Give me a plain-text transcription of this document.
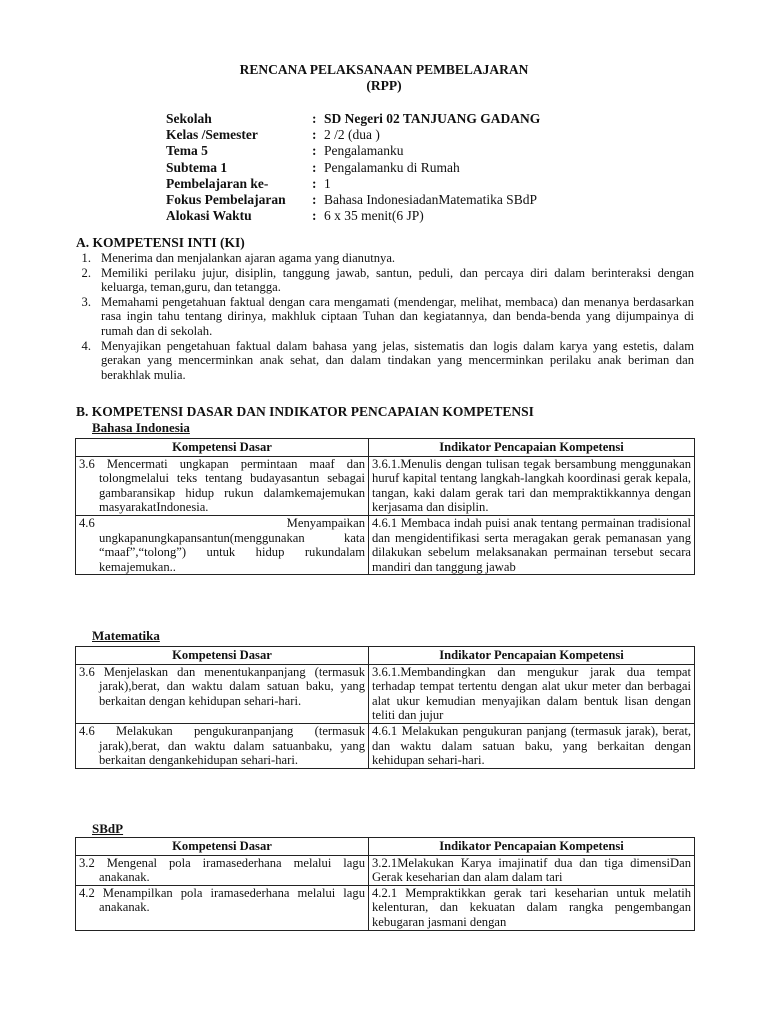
RENCANA PELAKSANAAN PEMBELAJARAN
(RPP)
Sekolah	:	SD Negeri 02 TANJUANG GADANG
Kelas /Semester	:	2 /2 (dua )
Tema 5	:	Pengalamanku
Subtema 1	:	Pengalamanku di Rumah
Pembelajaran ke-	:	1
Fokus Pembelajaran	:	Bahasa IndonesiadanMatematika SBdP
Alokasi Waktu	:	6 x 35 menit(6 JP)
A. KOMPETENSI INTI (KI)
1. Menerima dan menjalankan ajaran agama yang dianutnya.
2. Memiliki perilaku jujur, disiplin, tanggung jawab, santun, peduli, dan percaya diri dalam berinteraksi dengan keluarga, teman,guru, dan tetangga.
3. Memahami pengetahuan faktual dengan cara mengamati (mendengar, melihat, membaca) dan menanya berdasarkan rasa ingin tahu tentang dirinya, makhluk ciptaan Tuhan dan kegiatannya, dan benda-benda yang dijumpainya di rumah dan di sekolah.
4. Menyajikan pengetahuan faktual dalam bahasa yang jelas, sistematis dan logis dalam karya yang estetis, dalam gerakan yang mencerminkan anak sehat, dan dalam tindakan yang mencerminkan perilaku anak beriman dan berakhlak mulia.
B. KOMPETENSI DASAR DAN INDIKATOR PENCAPAIAN KOMPETENSI
Bahasa Indonesia
Kompetensi Dasar	Indikator Pencapaian Kompetensi
3.6 Mencermati ungkapan permintaan maaf dan tolongmelalui teks tentang budayasantun sebagai gambaransikap hidup rukun dalamkemajemukan masyarakatIndonesia.	3.6.1.Menulis dengan tulisan tegak bersambung menggunakan huruf kapital tentang langkah-langkah koordinasi gerak kepala, tangan, kaki dalam gerak tari dan mempraktikkannya dengan kerjasama dan disiplin.
4.6 Menyampaikan ungkapanungkapansantun(menggunakan kata “maaf”,“tolong”) untuk hidup rukundalam kemajemukan..	4.6.1 Membaca indah puisi anak tentang permainan tradisional dan mengidentifikasi serta meragakan gerak pemanasan yang dilakukan sebelum melaksanakan permainan tersebut secara mandiri dan tanggung jawab
Matematika
Kompetensi Dasar	Indikator Pencapaian Kompetensi
3.6 Menjelaskan dan menentukanpanjang (termasuk jarak),berat, dan waktu dalam satuan baku, yang berkaitan dengan kehidupan sehari-hari.	3.6.1.Membandingkan dan mengukur jarak dua tempat terhadap tempat tertentu dengan alat ukur meter dan berbagai alat ukur kemudian menyajikan dalam bentuk lisan dengan teliti dan jujur
4.6 Melakukan pengukuranpanjang (termasuk jarak),berat, dan waktu dalam satuanbaku, yang berkaitan dengankehidupan sehari-hari.	4.6.1 Melakukan pengukuran panjang (termasuk jarak), berat, dan waktu dalam satuan baku, yang berkaitan dengan kehidupan sehari-hari.
SBdP
Kompetensi Dasar	Indikator Pencapaian Kompetensi
3.2 Mengenal pola iramasederhana melalui lagu anakanak.	3.2.1Melakukan Karya imajinatif dua dan tiga dimensiDan Gerak keseharian dan alam dalam tari
4.2 Menampilkan pola iramasederhana melalui lagu anakanak.	4.2.1 Mempraktikkan gerak tari keseharian untuk melatih kelenturan, dan kekuatan dalam rangka pengembangan kebugaran jasmani dengan
